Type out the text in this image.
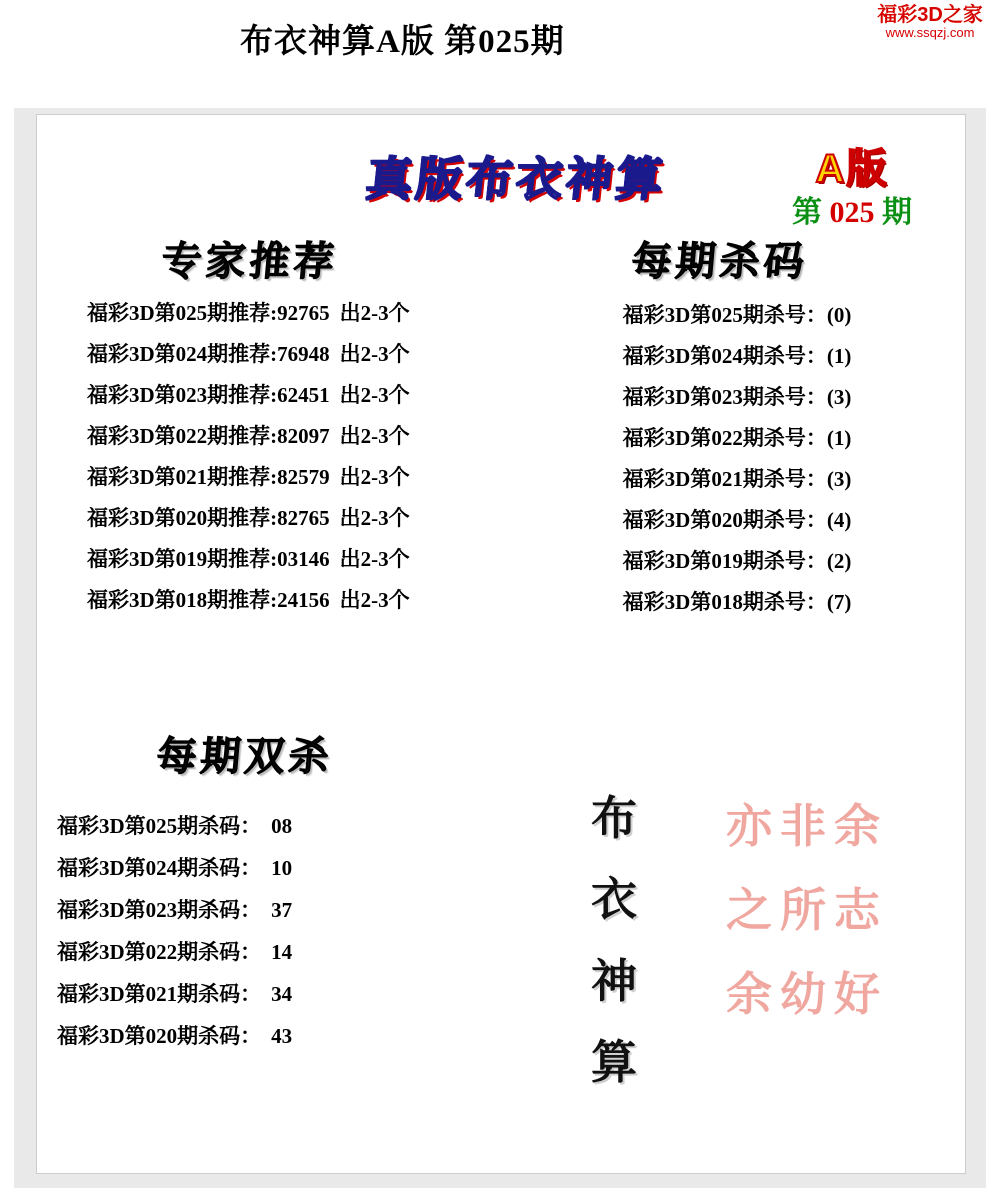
布衣神算A版 第025期
福彩3D之家
www.ssqzj.com
真版布衣神算	A版
第 025 期
专家推荐
福彩3D第025期推荐:92765 出2-3个
福彩3D第024期推荐:76948 出2-3个
福彩3D第023期推荐:62451 出2-3个
福彩3D第022期推荐:82097 出2-3个
福彩3D第021期推荐:82579 出2-3个
福彩3D第020期推荐:82765 出2-3个
福彩3D第019期推荐:03146 出2-3个
福彩3D第018期推荐:24156 出2-3个
每期杀码
福彩3D第025期杀号：(0)
福彩3D第024期杀号：(1)
福彩3D第023期杀号：(3)
福彩3D第022期杀号：(1)
福彩3D第021期杀号：(3)
福彩3D第020期杀号：(4)
福彩3D第019期杀号：(2)
福彩3D第018期杀号：(7)
每期双杀
福彩3D第025期杀码： 08
福彩3D第024期杀码： 10
福彩3D第023期杀码： 37
福彩3D第022期杀码： 14
福彩3D第021期杀码： 34
福彩3D第020期杀码： 43
布
衣
神
算
亦非余
之所志
余幼好
